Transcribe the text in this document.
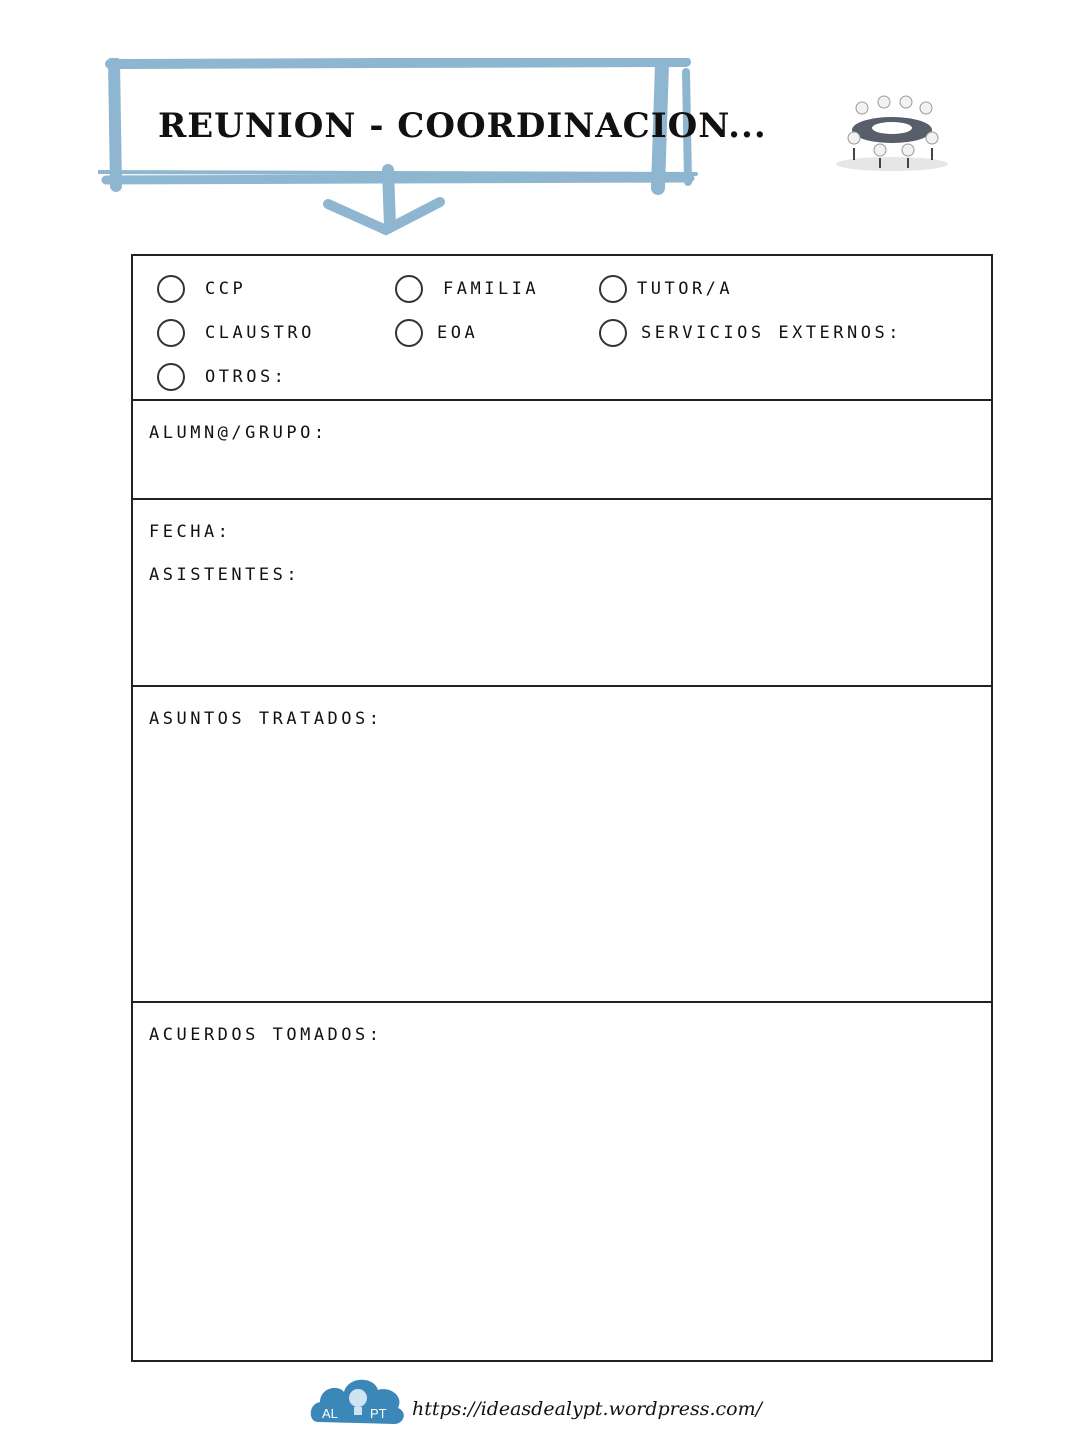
REUNION - COORDINACION...
CCP	FAMILIA	TUTOR/A
CLAUSTRO	EOA	SERVICIOS EXTERNOS:
OTROS:
ALUMN@/GRUPO:
FECHA:
ASISTENTES:
ASUNTOS TRATADOS:
ACUERDOS TOMADOS:
AL PT https://ideasdealypt.wordpress.com/
